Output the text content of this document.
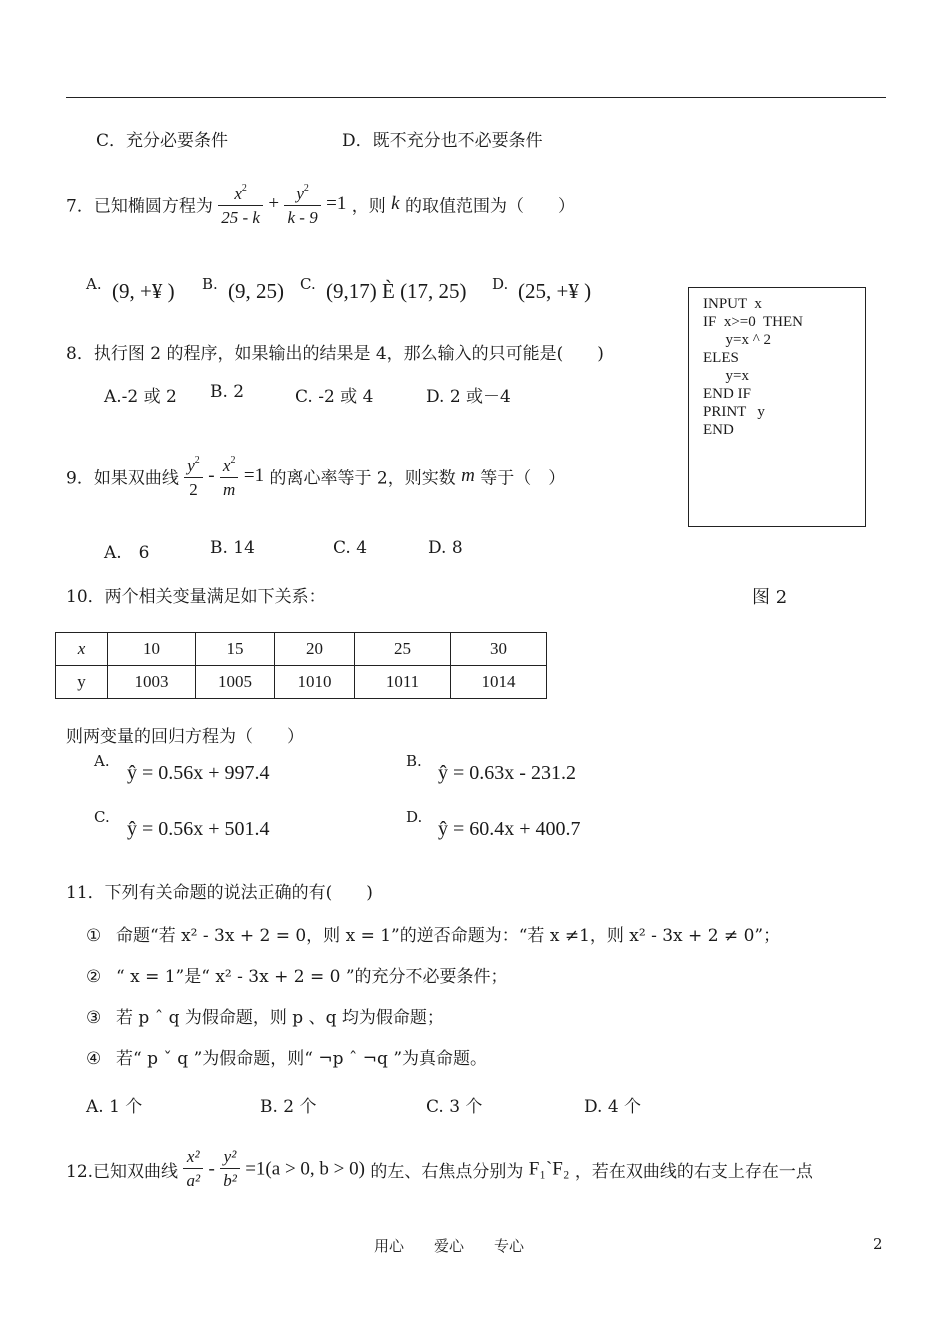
C．充分必要条件	D．既不充分也不必要条件
7．已知椭圆方程为 $\frac{x^2}{25 - k} + \frac{y^2}{k - 9} =1$ ，则 k 的取值范围为（　　）
A. (9, +¥ ) B. (9, 25) C. (9,17) È (17, 25) D. (25, +¥ )
INPUT  x
IF  x>=0  THEN
y=x ^ 2
ELES
y=x
END IF
PRINT   y
END
图 2
8．执行图 2 的程序，如果输出的结果是 4，那么输入的只可能是(　　)
A.-2 或 2 B. 2	C. -2 或 4	D. 2 或－4
9．如果双曲线 $\frac{y^2}{2} - \frac{x^2}{m} =1$ 的离心率等于 2，则实数 m 等于（　）
A.　6	B. 14	C. 4	D. 8
10．两个相关变量满足如下关系：
x	10	15	20	25	30
y	1003	1005	1010	1011	1014
则两变量的回归方程为（　　）
A.
ŷ = 0.56x + 997.4
B.
ŷ = 0.63x - 231.2
C.
ŷ = 0.56x + 501.4
D.
ŷ = 60.4x + 400.7
11．下列有关命题的说法正确的有(　　)
① 命题“若 x² - 3x + 2 = 0，则 x = 1”的逆否命题为：“若 x ≠1，则 x² - 3x + 2 ≠ 0”；
② “ x = 1”是“ x² - 3x + 2 = 0 ”的充分不必要条件；
③ 若 p ˆ q 为假命题，则 p 、q 均为假命题；
④ 若“ p ˇ q ”为假命题，则“ ¬p ˆ ¬q ”为真命题。
A. 1 个	B. 2 个	C. 3 个	D. 4 个
12.已知双曲线 $\frac{\text{x²}}{\text{a²}} - \frac{\text{y²}}{\text{b²}} =1(a > 0$, b > 0) 的左、右焦点分别为 F₁ˋF₂ ，若在双曲线的右支上存在一点
用心　　爱心　　专心	2
